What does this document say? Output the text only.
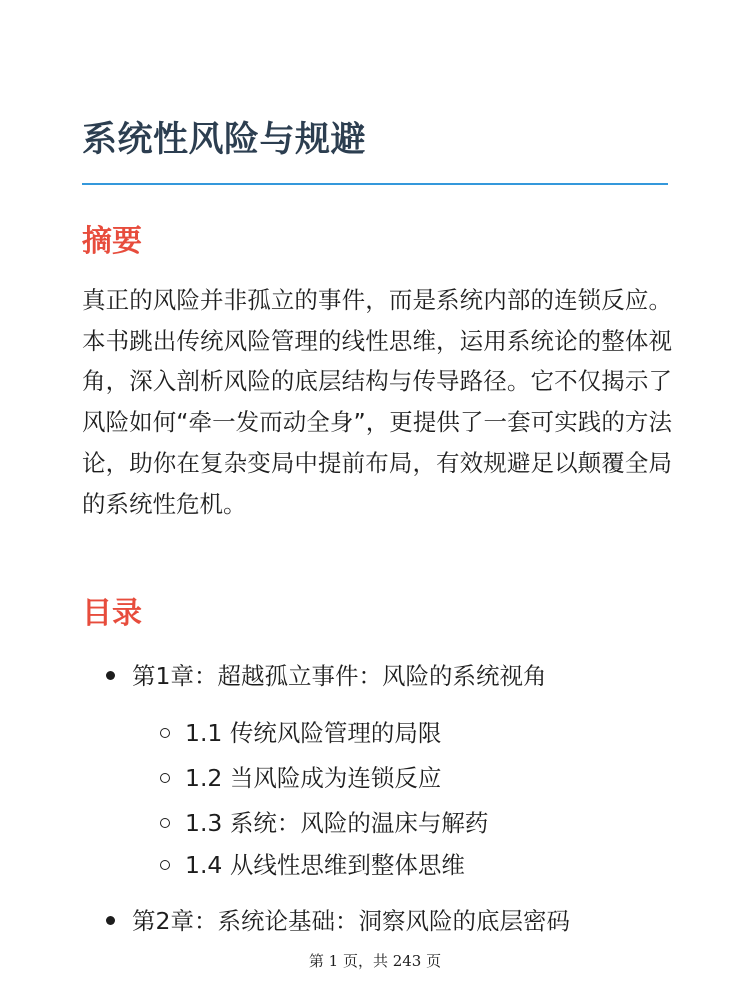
系统性风险与规避
摘要

真正的风险并非孤立的事件，而是系统内部的连锁反应。本书跳出传统风险管理的线性思维，运用系统论的整体视角，深入剖析风险的底层结构与传导路径。它不仅揭示了风险如何“牵一发而动全身”，更提供了一套可实践的方法论，助你在复杂变局中提前布局，有效规避足以颠覆全局的系统性危机。

目录
第1章：超越孤立事件：风险的系统视角
1.1 传统风险管理的局限
1.2 当风险成为连锁反应
1.3 系统：风险的温床与解药
1.4 从线性思维到整体思维
第2章：系统论基础：洞察风险的底层密码
第 1 页，共 243 页
